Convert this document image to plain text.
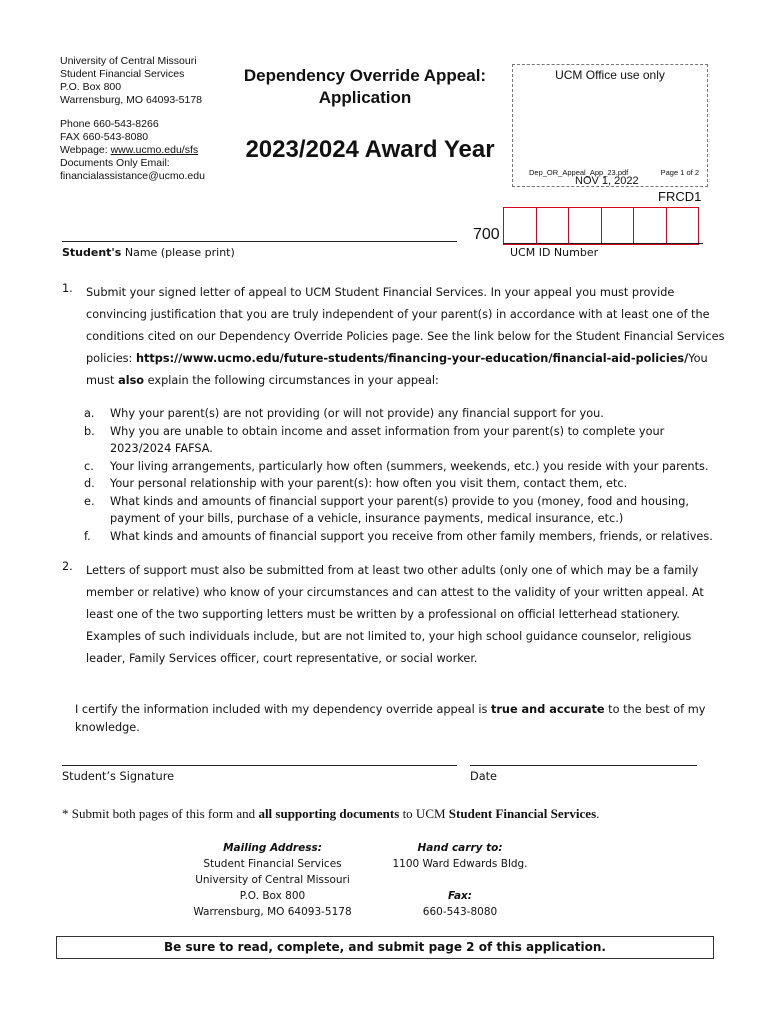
University of Central Missouri
Student Financial Services
P.O. Box 800
Warrensburg, MO 64093-5178
Phone 660-543-8266
FAX 660-543-8080
Webpage: www.ucmo.edu/sfs
Documents Only Email:
financialassistance@ucmo.edu
Dependency Override Appeal:
Application
2023/2024 Award Year
UCM Office use only
Dep_OR_Appeal_App_23.pdf	Page 1 of 2
NOV 1, 2022
FRCD1
Student's Name (please print)
700
UCM ID Number
1. Submit your signed letter of appeal to UCM Student Financial Services. In your appeal you must provide convincing justification that you are truly independent of your parent(s) in accordance with at least one of the conditions cited on our Dependency Override Policies page. See the link below for the Student Financial Services policies: https://www.ucmo.edu/future-students/financing-your-education/financial-aid-policies/You must also explain the following circumstances in your appeal:
a.	Why your parent(s) are not providing (or will not provide) any financial support for you.
b.	Why you are unable to obtain income and asset information from your parent(s) to complete your 2023/2024 FAFSA.
c.	Your living arrangements, particularly how often (summers, weekends, etc.) you reside with your parents.
d.	Your personal relationship with your parent(s): how often you visit them, contact them, etc.
e.	What kinds and amounts of financial support your parent(s) provide to you (money, food and housing, payment of your bills, purchase of a vehicle, insurance payments, medical insurance, etc.)
f.	What kinds and amounts of financial support you receive from other family members, friends, or relatives.
2. Letters of support must also be submitted from at least two other adults (only one of which may be a family member or relative) who know of your circumstances and can attest to the validity of your written appeal. At least one of the two supporting letters must be written by a professional on official letterhead stationery. Examples of such individuals include, but are not limited to, your high school guidance counselor, religious leader, Family Services officer, court representative, or social worker.
I certify the information included with my dependency override appeal is true and accurate to the best of my knowledge.
Student’s Signature	Date
* Submit both pages of this form and all supporting documents to UCM Student Financial Services.
Mailing Address:
Student Financial Services
University of Central Missouri
P.O. Box 800
Warrensburg, MO 64093-5178
Hand carry to:
1100 Ward Edwards Bldg.

Fax:
660-543-8080
Be sure to read, complete, and submit page 2 of this application.
